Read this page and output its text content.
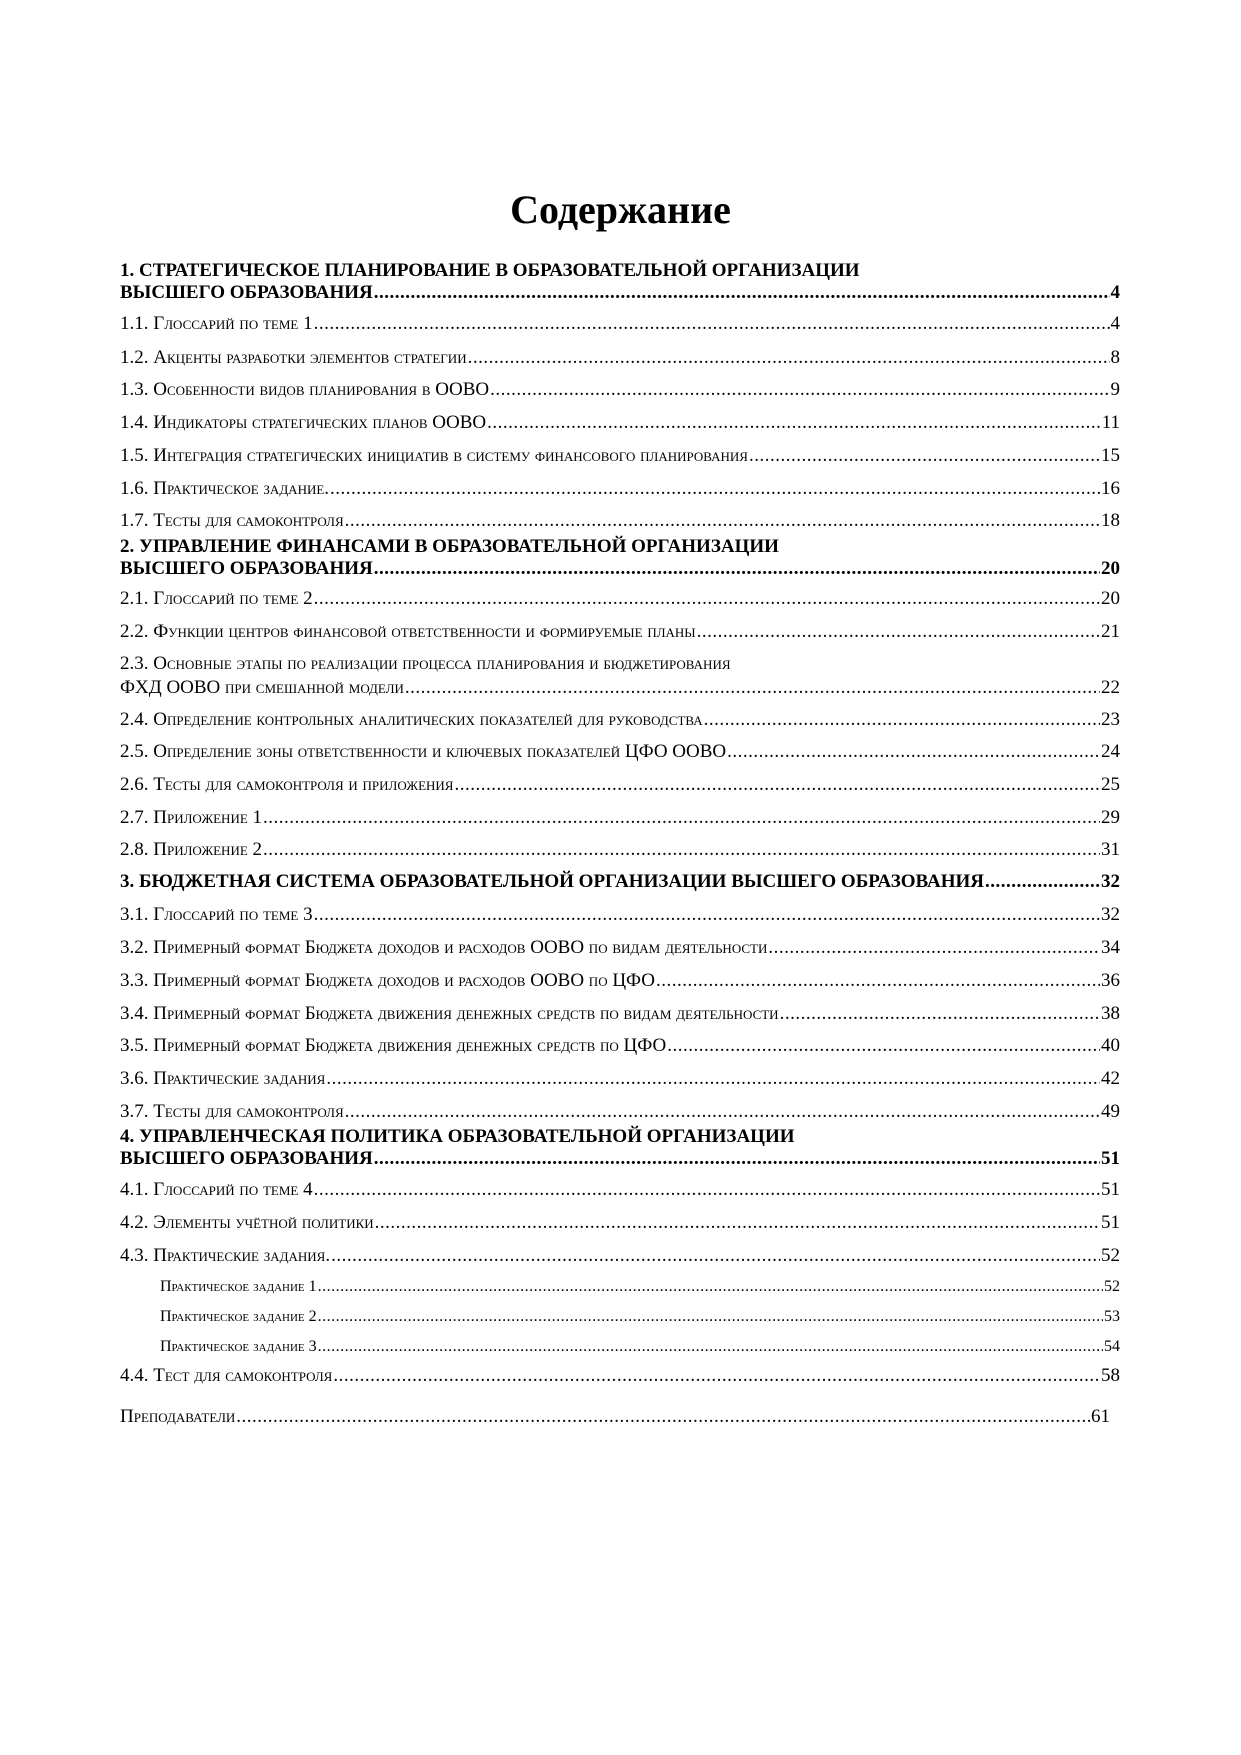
Содержание
1. СТРАТЕГИЧЕСКОЕ ПЛАНИРОВАНИЕ В ОБРАЗОВАТЕЛЬНОЙ ОРГАНИЗАЦИИ
ВЫСШЕГО ОБРАЗОВАНИЯ .....	4
1.1. Глоссарий по теме 1 .....	4
1.2. Акценты разработки элементов стратегии .....	8
1.3. Особенности видов планирования в ООВО .....	9
1.4. Индикаторы стратегических планов ООВО .....	11
1.5. Интеграция стратегических инициатив в систему финансового планирования .....	15
1.6. Практическое задание. .....	16
1.7. Тесты для самоконтроля .....	18
2. УПРАВЛЕНИЕ ФИНАНСАМИ В ОБРАЗОВАТЕЛЬНОЙ ОРГАНИЗАЦИИ
ВЫСШЕГО ОБРАЗОВАНИЯ .....	20
2.1. Глоссарий по теме 2 .....	20
2.2. Функции центров финансовой ответственности и формируемые планы .....	21
2.3. Основные этапы по реализации процесса планирования и бюджетирования
ФХД ООВО при смешанной модели .....	22
2.4. Определение контрольных аналитических показателей для руководства .....	23
2.5. Определение зоны ответственности и ключевых показателей ЦФО ООВО .....	24
2.6. Тесты для самоконтроля и приложения .....	25
2.7. Приложение 1 .....	29
2.8. Приложение 2 .....	31
3. БЮДЖЕТНАЯ СИСТЕМА ОБРАЗОВАТЕЛЬНОЙ ОРГАНИЗАЦИИ ВЫСШЕГО ОБРАЗОВАНИЯ .....	32
3.1. Глоссарий по теме 3 .....	32
3.2. Примерный формат Бюджета доходов и расходов ООВО по видам деятельности .....	34
3.3. Примерный формат Бюджета доходов и расходов ООВО по ЦФО .....	36
3.4. Примерный формат Бюджета движения денежных средств по видам деятельности .....	38
3.5. Примерный формат Бюджета движения денежных средств по ЦФО .....	40
3.6. Практические задания .....	42
3.7. Тесты для самоконтроля .....	49
4. УПРАВЛЕНЧЕСКАЯ ПОЛИТИКА ОБРАЗОВАТЕЛЬНОЙ ОРГАНИЗАЦИИ
ВЫСШЕГО ОБРАЗОВАНИЯ .....	51
4.1. Глоссарий по теме 4 .....	51
4.2. Элементы учётной политики .....	51
4.3. Практические задания. .....	52
Практическое задание 1 .....	52
Практическое задание 2 .....	53
Практическое задание 3 .....	54
4.4. Тест для самоконтроля .....	58
Преподаватели .....	61
